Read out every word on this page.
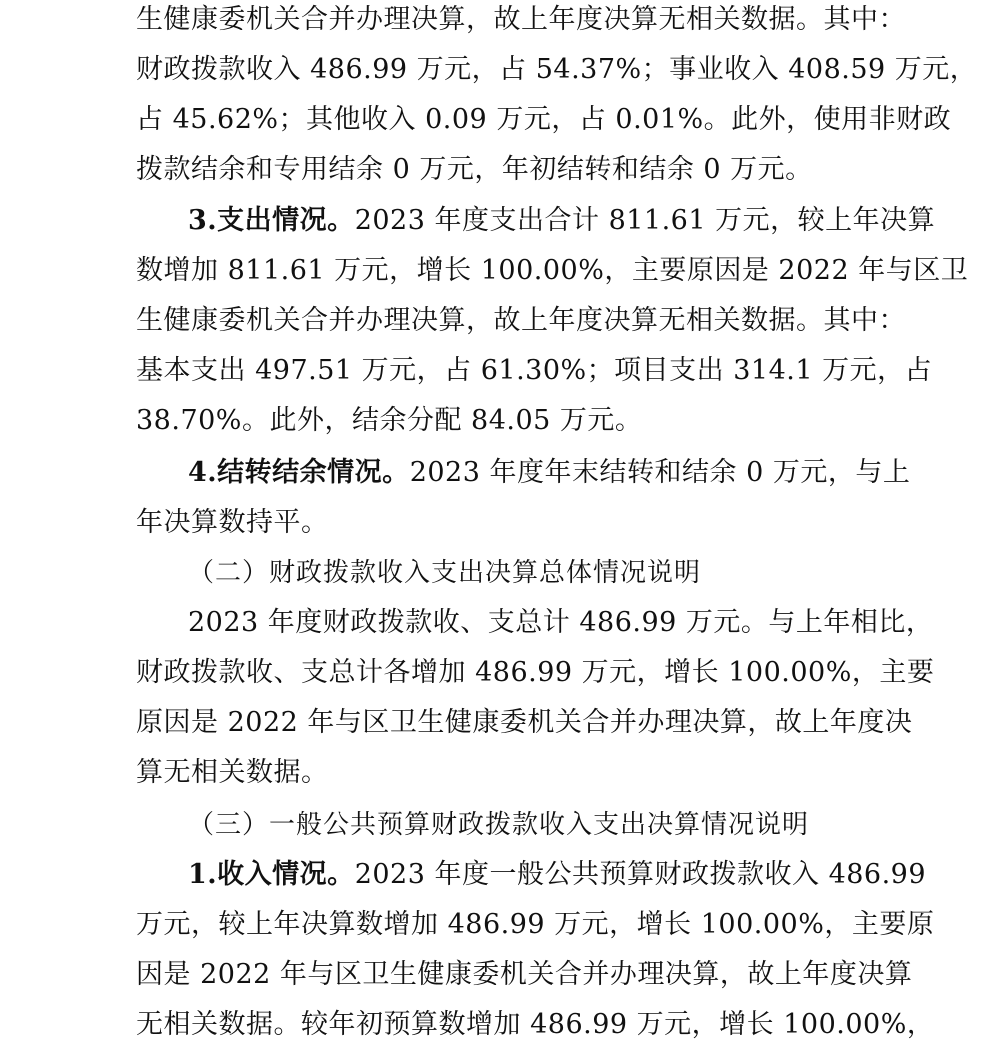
生健康委机关合并办理决算，故上年度决算无相关数据。其中：
财政拨款收入 486.99 万元，占 54.37%；事业收入 408.59 万元，
占 45.62%；其他收入 0.09 万元，占 0.01%。此外，使用非财政
拨款结余和专用结余 0 万元，年初结转和结余 0 万元。
3.支出情况。2023 年度支出合计 811.61 万元，较上年决算
数增加 811.61 万元，增长 100.00%，主要原因是 2022 年与区卫
生健康委机关合并办理决算，故上年度决算无相关数据。其中：
基本支出 497.51 万元，占 61.30%；项目支出 314.1 万元，占
38.70%。此外，结余分配 84.05 万元。
4.结转结余情况。2023 年度年末结转和结余 0 万元，与上
年决算数持平。
（二）财政拨款收入支出决算总体情况说明
2023 年度财政拨款收、支总计 486.99 万元。与上年相比，
财政拨款收、支总计各增加 486.99 万元，增长 100.00%，主要
原因是 2022 年与区卫生健康委机关合并办理决算，故上年度决
算无相关数据。
（三）一般公共预算财政拨款收入支出决算情况说明
1.收入情况。2023 年度一般公共预算财政拨款收入 486.99
万元，较上年决算数增加 486.99 万元，增长 100.00%，主要原
因是 2022 年与区卫生健康委机关合并办理决算，故上年度决算
无相关数据。较年初预算数增加 486.99 万元，增长 100.00%，
